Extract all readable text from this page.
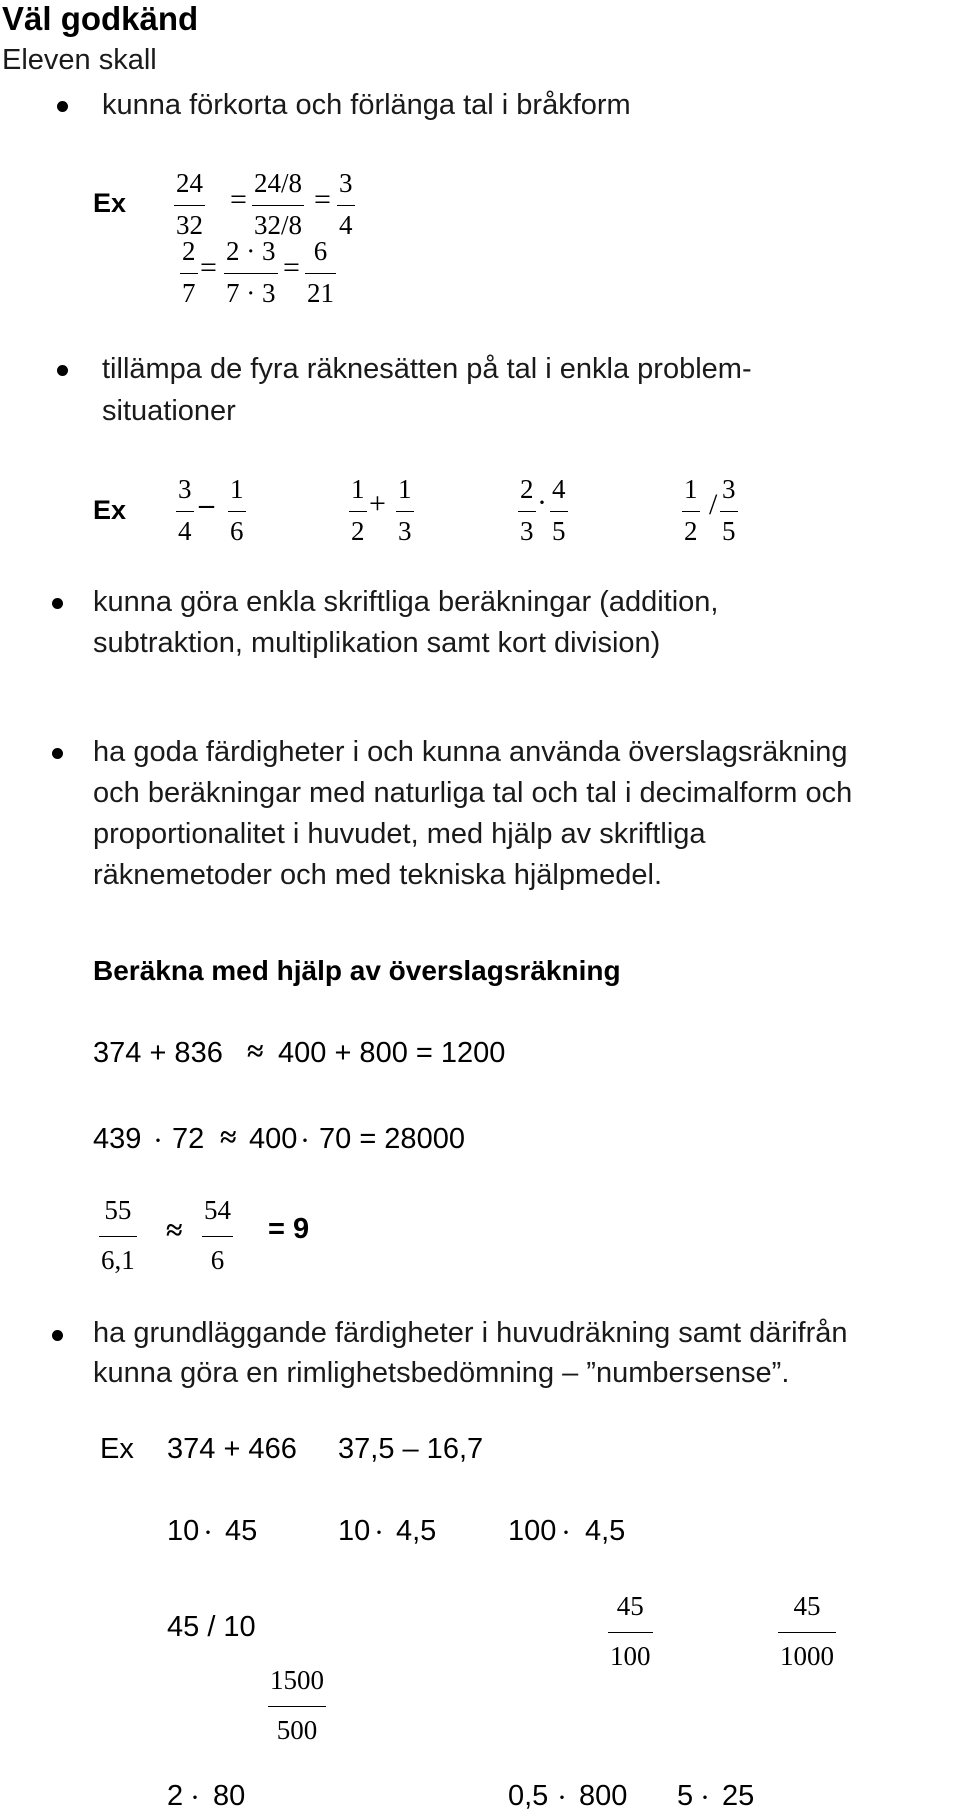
Väl godkänd
Eleven skall
kunna förkorta och förlänga tal i bråkform
Ex
24
32
= 24/8
32/8
= 3
4
2
7
= 2 · 3
7 · 3
= 6
21
tillämpa de fyra räknesätten på tal i enkla problem-
situationer
Ex
3
4
– 1
6
1
2
+ 1
3
2
3
· 4
5
1
2
/ 3
5
kunna göra enkla skriftliga beräkningar (addition,
subtraktion, multiplikation samt kort division)
ha goda färdigheter i och kunna använda överslagsräkning
och beräkningar med naturliga tal och tal i decimalform och
proportionalitet i huvudet, med hjälp av skriftliga
räknemetoder och med tekniska hjälpmedel.
Beräkna med hjälp av överslagsräkning
374 + 836 ≈ 400 + 800 = 1200
439 · 72 ≈ 400 · 70 = 28000
55
6,1
≈
54
6
= 9
ha grundläggande färdigheter i huvudräkning samt därifrån
kunna göra en rimlighetsbedömning – ”numbersense”.
Ex 374 + 466 37,5 – 16,7
10 · 45	10 · 4,5 100 · 4,5
45 / 10
45
100
45
1000
1500
500
2 · 80	0,5 · 800 5 · 25
